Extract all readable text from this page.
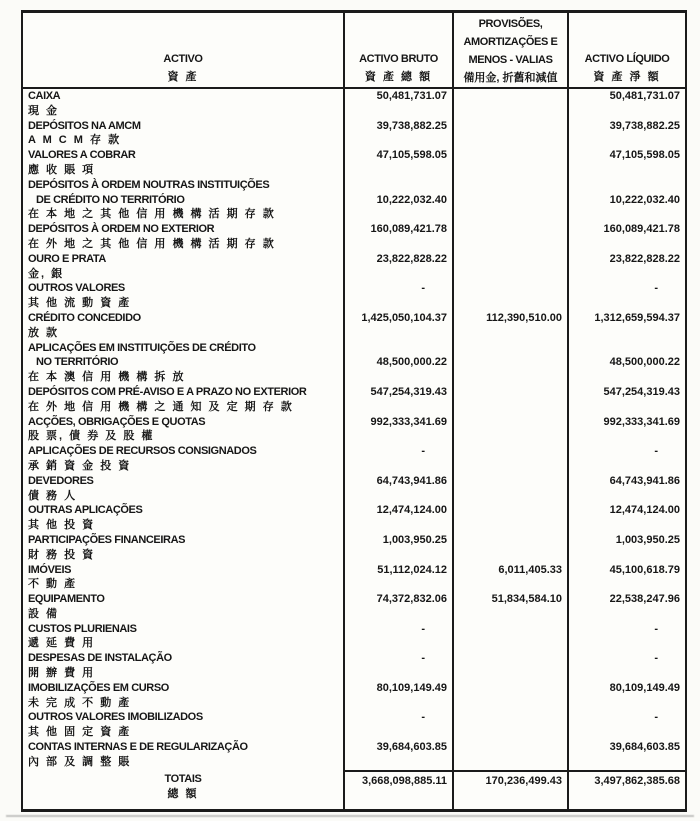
ACTIVO
資 產
ACTIVO BRUTO
資 產 總 額
PROVISÕES,
AMORTIZAÇÕES E
MENOS - VALIAS
備用金, 折舊和減值
ACTIVO LÍQUIDO
資 產 淨 額
CAIXA
現 金
DEPÓSITOS NA AMCM
A M C M 存 款
VALORES A COBRAR
應 收 賬 項
DEPÓSITOS À ORDEM NOUTRAS INSTITUIÇÕES
DE CRÉDITO NO TERRITÓRIO
在 本 地 之 其 他 信 用 機 構 活 期 存 款
DEPÓSITOS À ORDEM NO EXTERIOR
在 外 地 之 其 他 信 用 機 構 活 期 存 款
OURO E PRATA
金, 銀
OUTROS VALORES
其 他 流 動 資 產
CRÉDITO CONCEDIDO
放 款
APLICAÇÕES EM INSTITUIÇÕES DE CRÉDITO
NO TERRITÓRIO
在 本 澳 信 用 機 構 拆 放
DEPÓSITOS COM PRÉ-AVISO E A PRAZO NO EXTERIOR
在 外 地 信 用 機 構 之 通 知 及 定 期 存 款
ACÇÕES, OBRIGAÇÕES E QUOTAS
股 票, 債 券 及 股 權
APLICAÇÕES DE RECURSOS CONSIGNADOS
承 銷 資 金 投 資
DEVEDORES
債 務 人
OUTRAS APLICAÇÕES
其 他 投 資
PARTICIPAÇÕES FINANCEIRAS
財 務 投 資
IMÓVEIS
不 動 產
EQUIPAMENTO
設 備
CUSTOS PLURIENAIS
遞 延 費 用
DESPESAS DE INSTALAÇÃO
開 辦 費 用
IMOBILIZAÇÕES EM CURSO
未 完 成 不 動 產
OUTROS VALORES IMOBILIZADOS
其 他 固 定 資 產
CONTAS INTERNAS E DE REGULARIZAÇÃO
內 部 及 調 整 賬
50,481,731.07
39,738,882.25
47,105,598.05
10,222,032.40
160,089,421.78
23,822,828.22
-
1,425,050,104.37
48,500,000.22
547,254,319.43
992,333,341.69
-
64,743,941.86
12,474,124.00
1,003,950.25
51,112,024.12
74,372,832.06
-
-
80,109,149.49
-
39,684,603.85
112,390,510.00
6,011,405.33
51,834,584.10
50,481,731.07
39,738,882.25
47,105,598.05
10,222,032.40
160,089,421.78
23,822,828.22
-
1,312,659,594.37
48,500,000.22
547,254,319.43
992,333,341.69
-
64,743,941.86
12,474,124.00
1,003,950.25
45,100,618.79
22,538,247.96
-
-
80,109,149.49
-
39,684,603.85
TOTAIS
總 額
3,668,098,885.11	170,236,499.43	3,497,862,385.68
